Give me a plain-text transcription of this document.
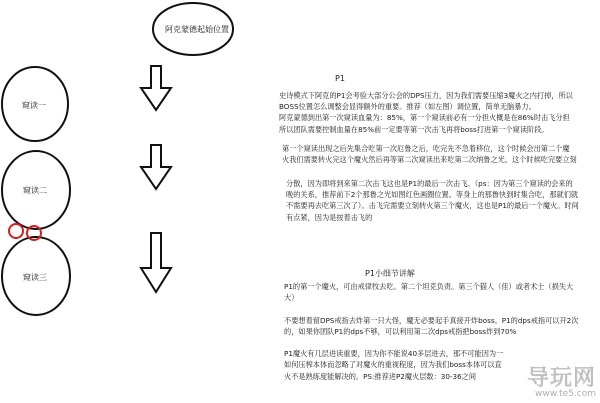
阿克蒙德起始位置
窥读一
窥读二
窥读三
P1
史诗模式下阿克的P1会考验大部分公会的DPS压力，因为我们需要压缩3魔火之内打掉，所以
BOSS位置怎么调整会显得额外的重要。推荐（如左图）调位置，简单无脑暴力。
阿克蒙德到出第一次窥读血量为：85%，第一个窥读前必有一分担火概是在86%时击飞分担
所以团队需要控制血量在85%前一定要等第一次击飞再将boss打进第一个窥读阶段。
第一个窥读出现之后先集合吃第一次厄鲁之后，吃完先不急着移位，这个时候会出第二个魔
火我们需要转火完这个魔火然后再等第二次窥读出来吃第二次纳鲁之光，这个时候吃完要立刻
分散，因为即将到来第二次击飞这也是P1的最后一次击飞。（ps：因为第三个窥读的会来的
晚的关系，推荐前下2个那鲁之光如图红色画圈位置。等身上的那鲁快到时集合吃，那就们就
不需要再去吃第三次了）。击飞完需要立刻转火第三个魔火，这也是P1的最后一个魔火。时间
有点紧，因为是按着击飞的
P1小细节讲解
P1的第一个魔火，可由戒律牧去吃。第二个坦克负责。第三个猫人（佳）或者术士（损失大
大）

不要想着留DPS戒指去炸第一只大怪，魔无必要起手真接开炸boss。P1的dps戒指可以开2次
的，如果你团队P1的dps不够，可以利用第二次dps戒指把boss炸到70%

P1魔火有几层进读重要，因为你不能说40多层进去，那不可能因为一
如何压榨本体而忽略了对魔火的重视程度，因为我们boss本体可以直
火不是熟练度能解决的。PS:推荐进P2魔火层数：30-36之间	导玩网
www.te5.com
